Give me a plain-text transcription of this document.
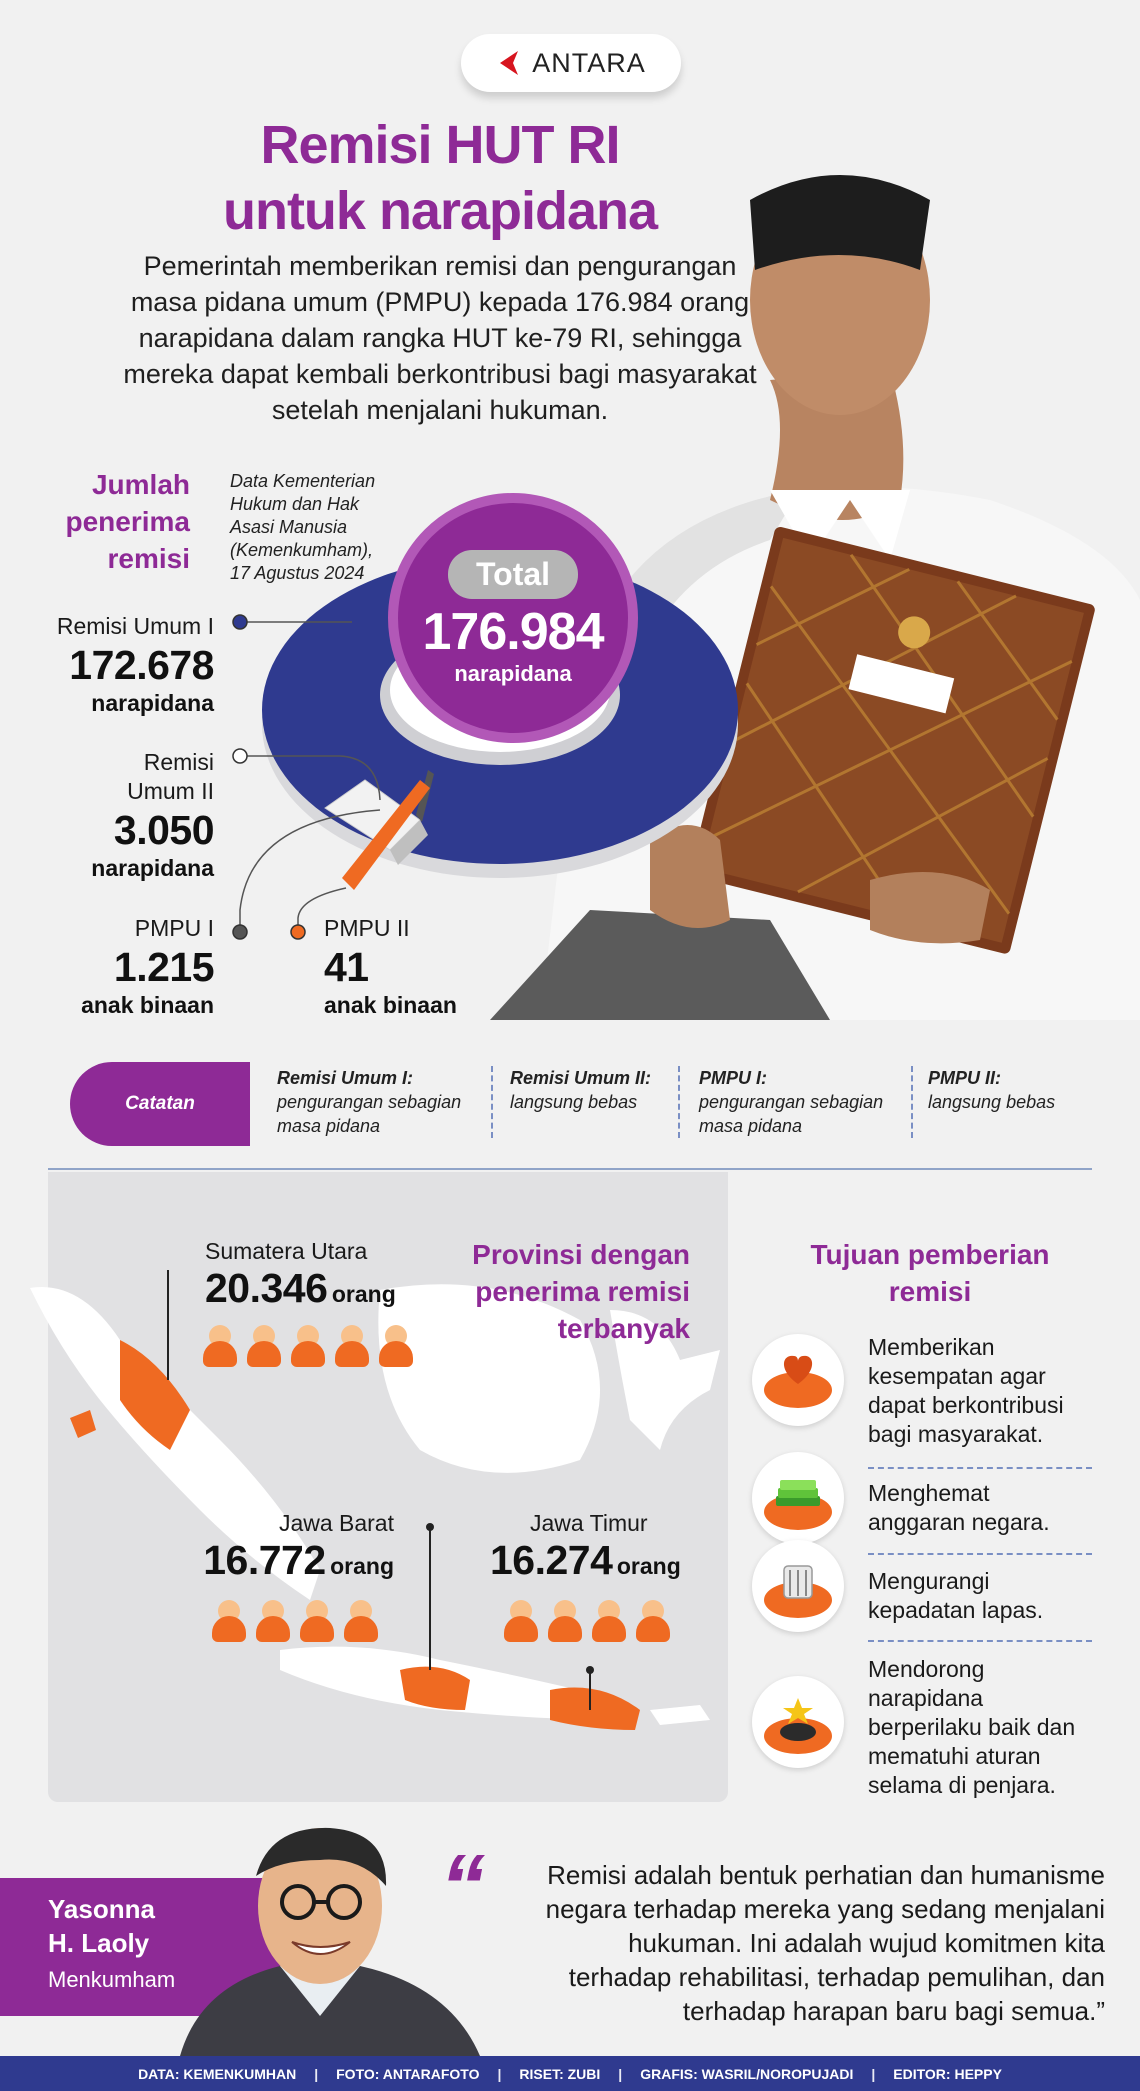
ANTARA
Remisi HUT RI
untuk narapidana

Pemerintah memberikan remisi dan pengurangan masa pidana umum (PMPU) kepada 176.984 orang narapidana dalam rangka HUT ke-79 RI, sehingga mereka dapat kembali berkontribusi bagi masyarakat setelah menjalani hukuman.

Jumlah
penerima
remisi
Data Kementerian
Hukum dan Hak
Asasi Manusia
(Kemenkumham),
17 Agustus 2024	Total
176.984
narapidana
Remisi Umum I
172.678
narapidana
Remisi
Umum II
3.050
narapidana
PMPU I
1.215
anak binaan
PMPU II
41
anak binaan
Catatan
Remisi Umum I:
pengurangan sebagian
masa pidana
Remisi Umum II:
langsung bebas
PMPU I:
pengurangan sebagian
masa pidana
PMPU II:
langsung bebas
Provinsi dengan
penerima remisi
terbanyak
Sumatera Utara
20.346 orang
Jawa Barat
16.772 orang
Jawa Timur
16.274 orang
Tujuan pemberian
remisi
Memberikan
kesempatan agar
dapat berkontribusi
bagi masyarakat.
Menghemat
anggaran negara.
Mengurangi
kepadatan lapas.
Mendorong
narapidana
berperilaku baik dan
mematuhi aturan
selama di penjara.
Yasonna
H. Laoly
Menkumham
“	Remisi adalah bentuk perhatian dan humanisme
negara terhadap mereka yang sedang menjalani
hukuman. Ini adalah wujud komitmen kita
terhadap rehabilitasi, terhadap pemulihan, dan
terhadap harapan baru bagi semua.”
DATA: KEMENKUMHAN | FOTO: ANTARAFOTO | RISET: ZUBI | GRAFIS: WASRIL/NOROPUJADI | EDITOR: HEPPY
